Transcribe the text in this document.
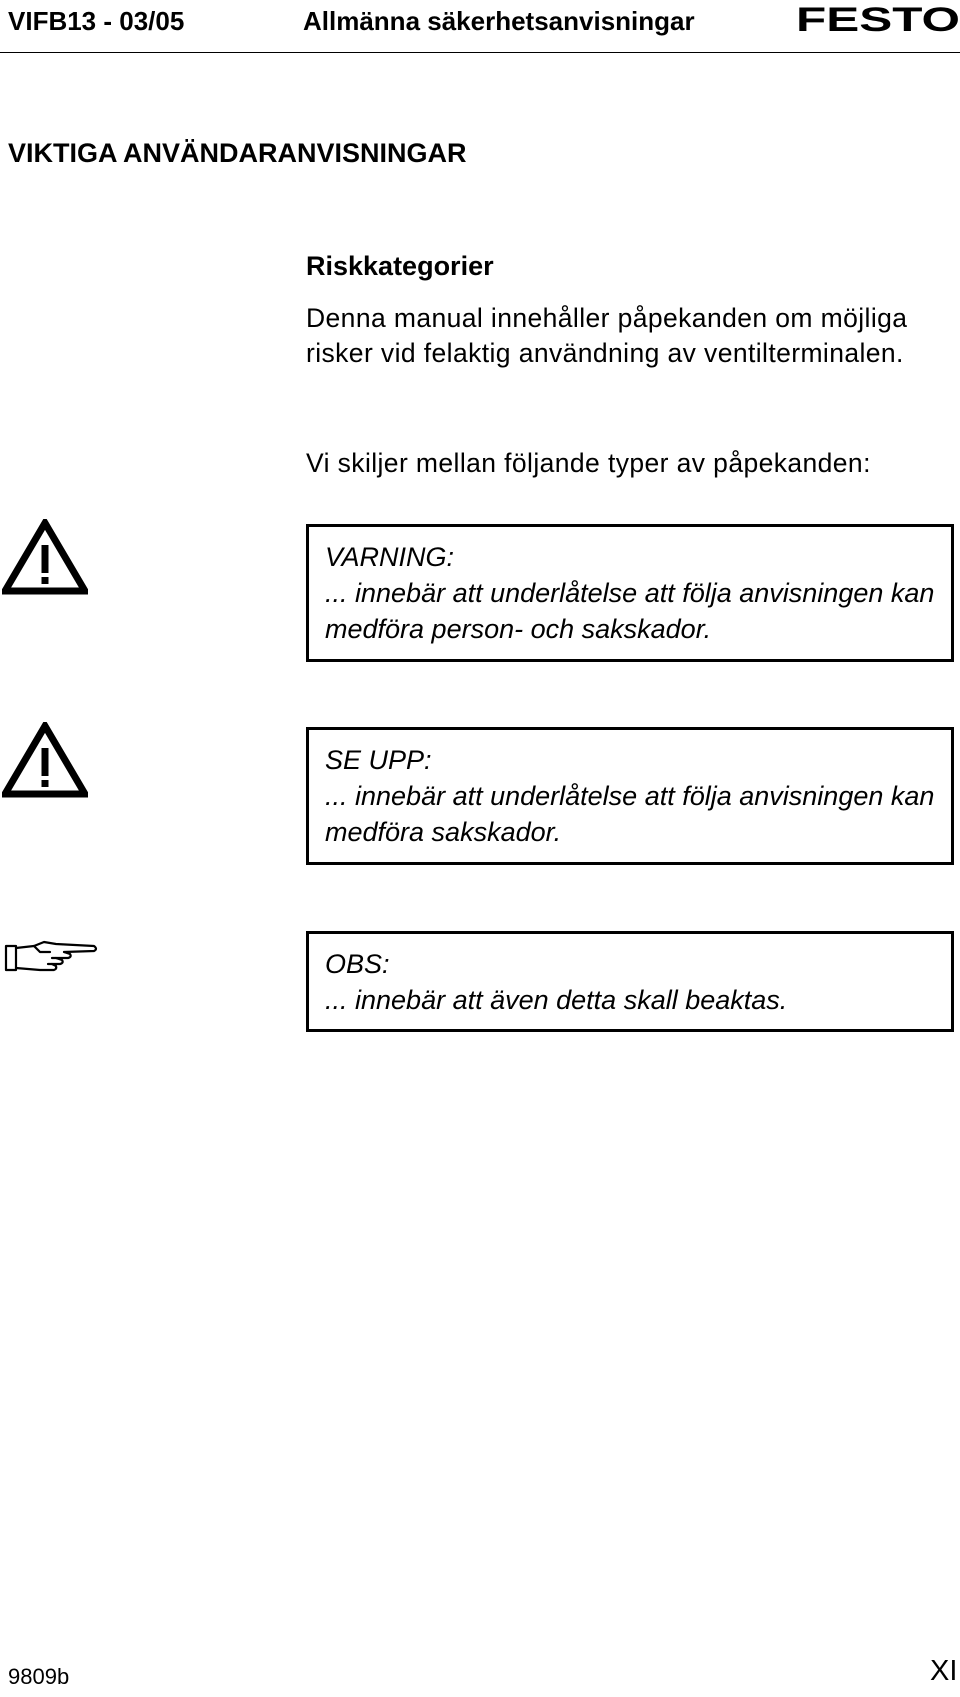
VIFB13 - 03/05	Allmänna säkerhetsanvisningar	FESTO
VIKTIGA ANVÄNDARANVISNINGAR
Riskkategorier
Denna manual innehåller påpekanden om möjliga risker vid felaktig användning av ventilterminalen.
Vi skiljer mellan följande typer av påpekanden:
VARNING:
... innebär att underlåtelse att följa anvisningen kan medföra person- och sakskador.
SE UPP:
... innebär att underlåtelse att följa anvisningen kan medföra sakskador.
OBS:
... innebär att även detta skall beaktas.
9809b	XI
